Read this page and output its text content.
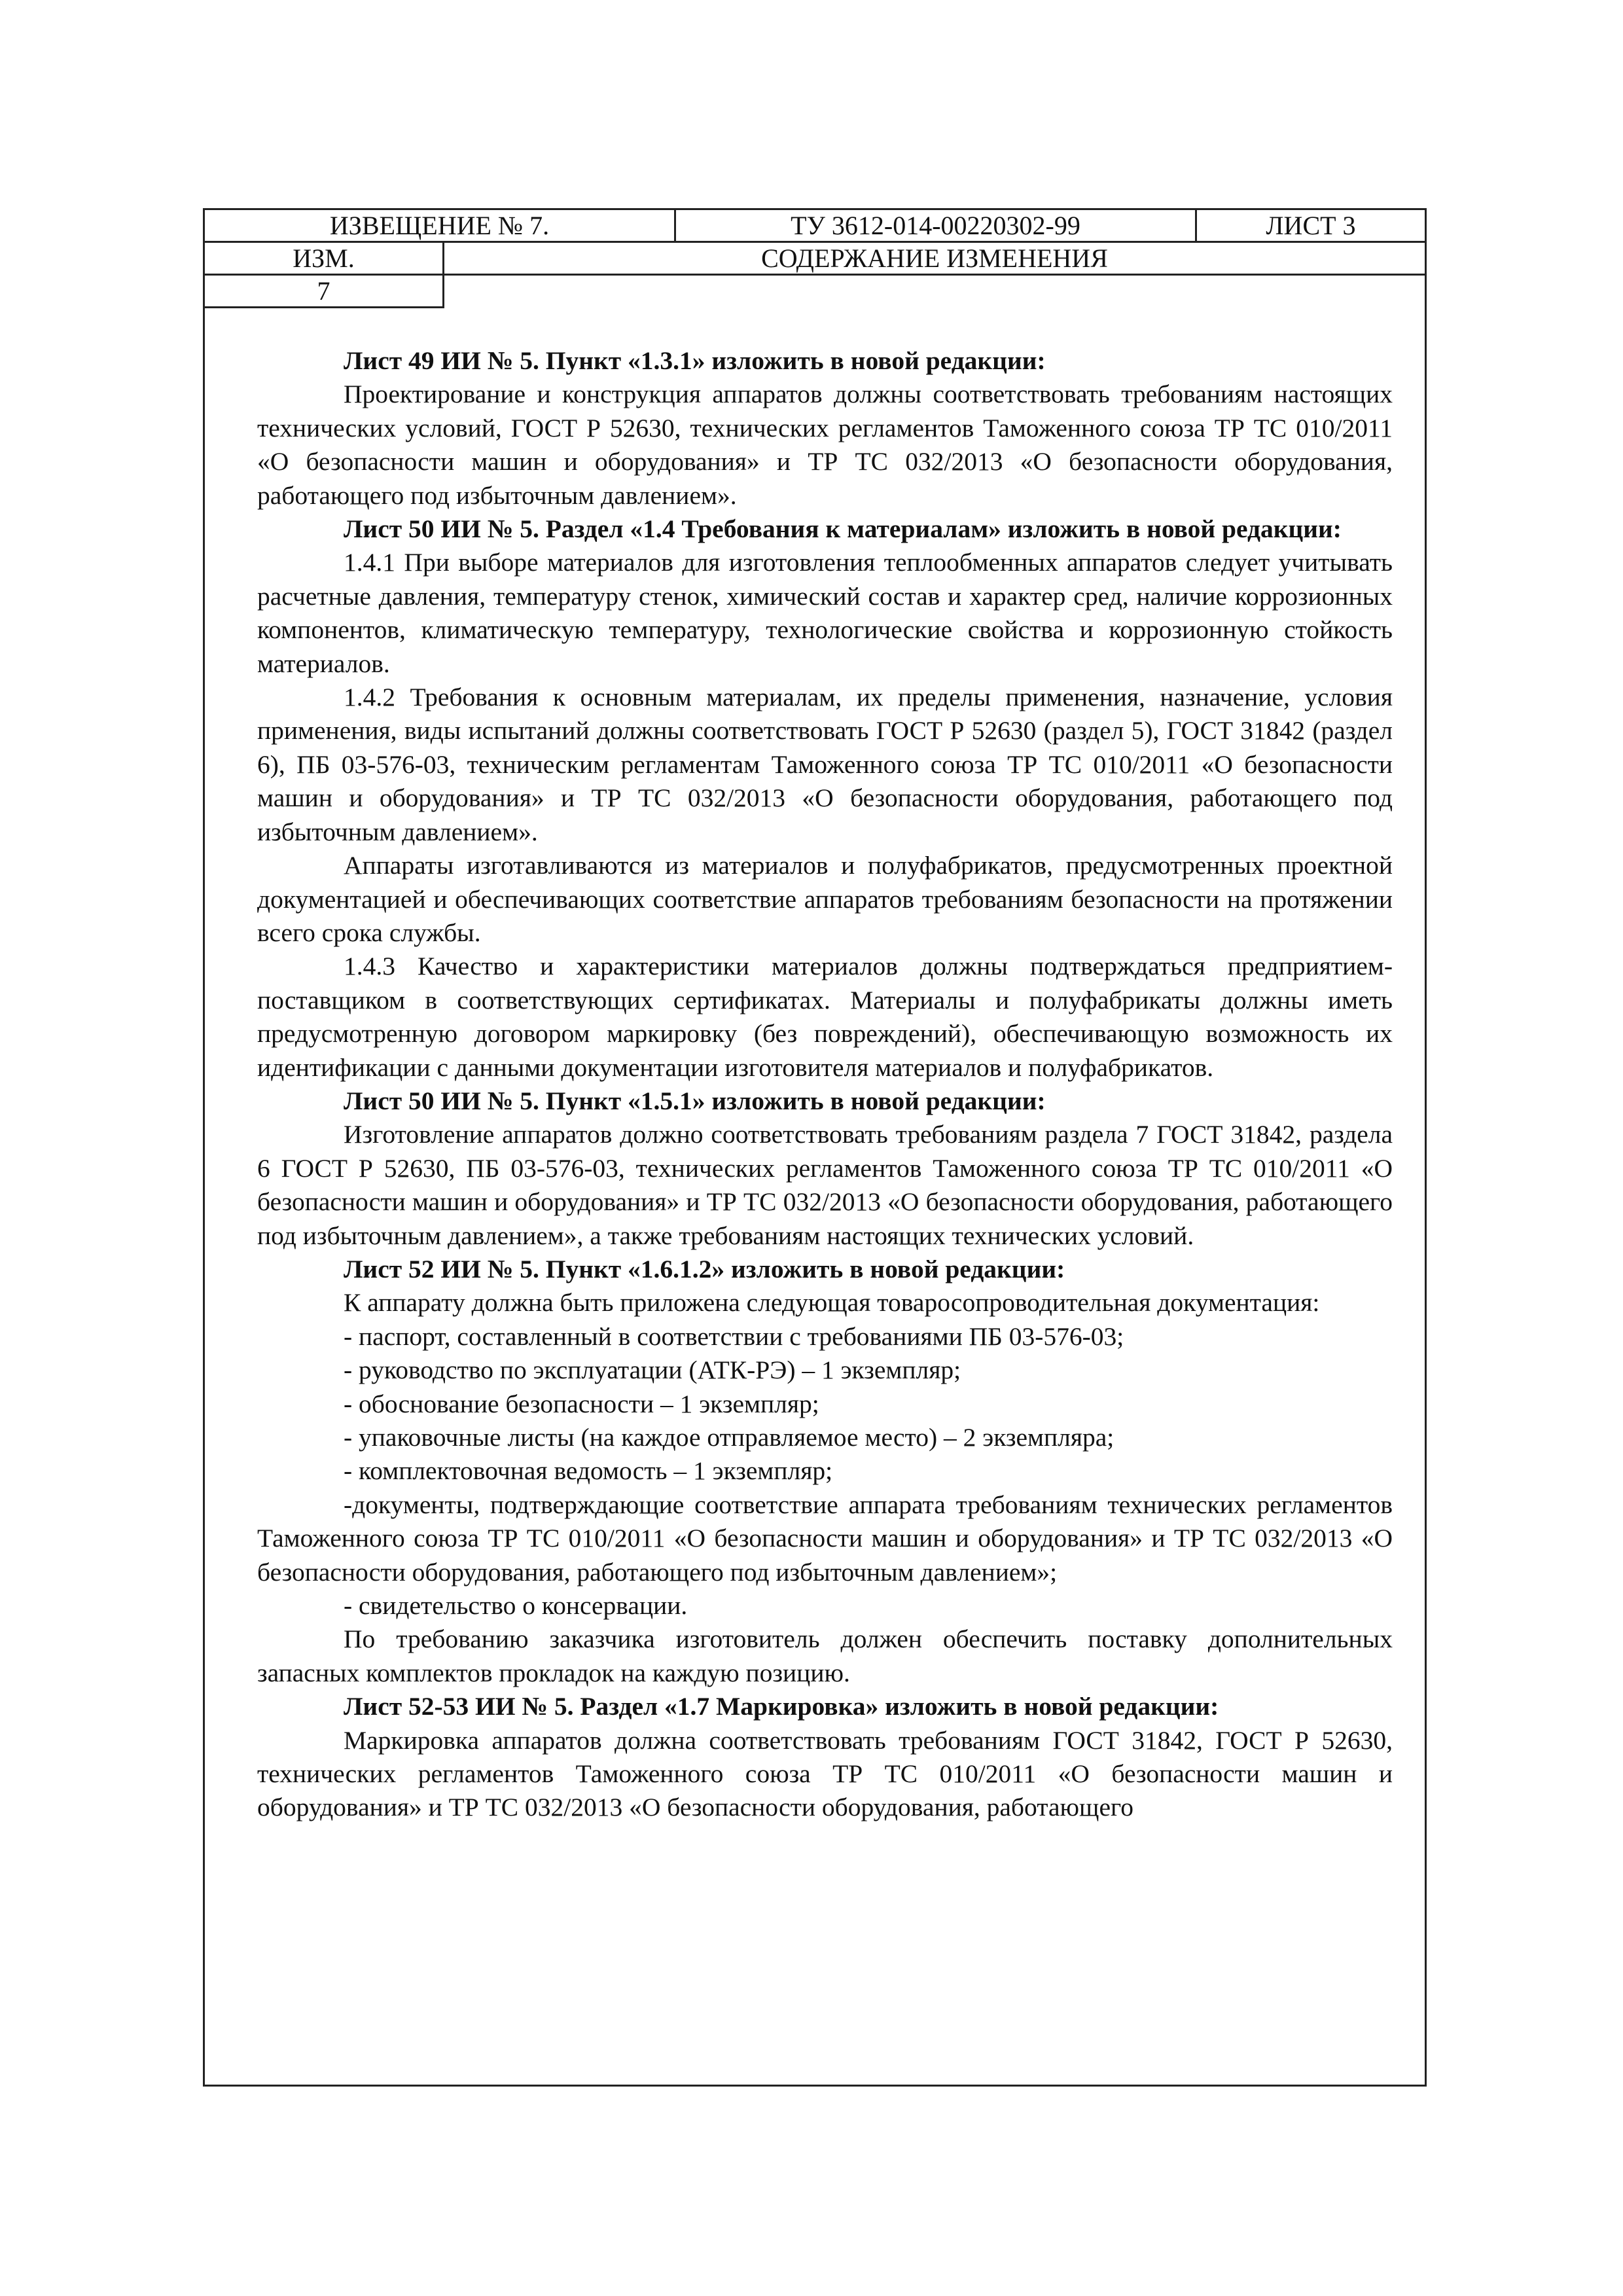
ИЗВЕЩЕНИЕ № 7.	ТУ 3612-014-00220302-99	ЛИСТ 3
ИЗМ.	СОДЕРЖАНИЕ ИЗМЕНЕНИЯ
7

Лист 49 ИИ № 5. Пункт «1.3.1» изложить в новой редакции:

Проектирование и конструкция аппаратов должны соответствовать требованиям настоящих технических условий, ГОСТ Р 52630, технических регламентов Таможенного союза ТР ТС 010/2011 «О безопасности машин и оборудования» и ТР ТС 032/2013 «О безопасности оборудования, работающего под избыточным давлением».

Лист 50 ИИ № 5. Раздел «1.4 Требования к материалам» изложить в новой редакции:

1.4.1 При выборе материалов для изготовления теплообменных аппаратов следует учитывать расчетные давления, температуру стенок, химический состав и характер сред, наличие коррозионных компонентов, климатическую температуру, технологические свойства и коррозионную стойкость материалов.

1.4.2 Требования к основным материалам, их пределы применения, назначение, условия применения, виды испытаний должны соответствовать ГОСТ Р 52630 (раздел 5), ГОСТ 31842 (раздел 6), ПБ 03-576-03, техническим регламентам Таможенного союза ТР ТС 010/2011 «О безопасности машин и оборудования» и ТР ТС 032/2013 «О безопасности оборудования, работающего под избыточным давлением».

Аппараты изготавливаются из материалов и полуфабрикатов, предусмотренных проектной документацией и обеспечивающих соответствие аппаратов требованиям безопасности на протяжении всего срока службы.

1.4.3 Качество и характеристики материалов должны подтверждаться предприятием-поставщиком в соответствующих сертификатах. Материалы и полуфабрикаты должны иметь предусмотренную договором маркировку (без повреждений), обеспечивающую возможность их идентификации с данными документации изготовителя материалов и полуфабрикатов.

Лист 50 ИИ № 5. Пункт «1.5.1» изложить в новой редакции:

Изготовление аппаратов должно соответствовать требованиям раздела 7 ГОСТ 31842, раздела 6 ГОСТ Р 52630, ПБ 03-576-03, технических регламентов Таможенного союза ТР ТС 010/2011 «О безопасности машин и оборудования» и ТР ТС 032/2013 «О безопасности оборудования, работающего под избыточным давлением», а также требованиям настоящих технических условий.

Лист 52 ИИ № 5. Пункт «1.6.1.2» изложить в новой редакции:

К аппарату должна быть приложена следующая товаросопроводительная документация:

- паспорт, составленный в соответствии с требованиями ПБ 03-576-03;

- руководство по эксплуатации (АТК-РЭ) – 1 экземпляр;

- обоснование безопасности – 1 экземпляр;

- упаковочные листы (на каждое отправляемое место) – 2 экземпляра;

- комплектовочная ведомость – 1 экземпляр;

-документы, подтверждающие соответствие аппарата требованиям технических регламентов Таможенного союза ТР ТС 010/2011 «О безопасности машин и оборудования» и ТР ТС 032/2013 «О безопасности оборудования, работающего под избыточным давлением»;

- свидетельство о консервации.

По требованию заказчика изготовитель должен обеспечить поставку дополнительных запасных комплектов прокладок на каждую позицию.

Лист 52-53 ИИ № 5. Раздел «1.7 Маркировка» изложить в новой редакции:

Маркировка аппаратов должна соответствовать требованиям ГОСТ 31842, ГОСТ Р 52630, технических регламентов Таможенного союза ТР ТС 010/2011 «О безопасности машин и оборудования» и ТР ТС 032/2013 «О безопасности оборудования, работающего
